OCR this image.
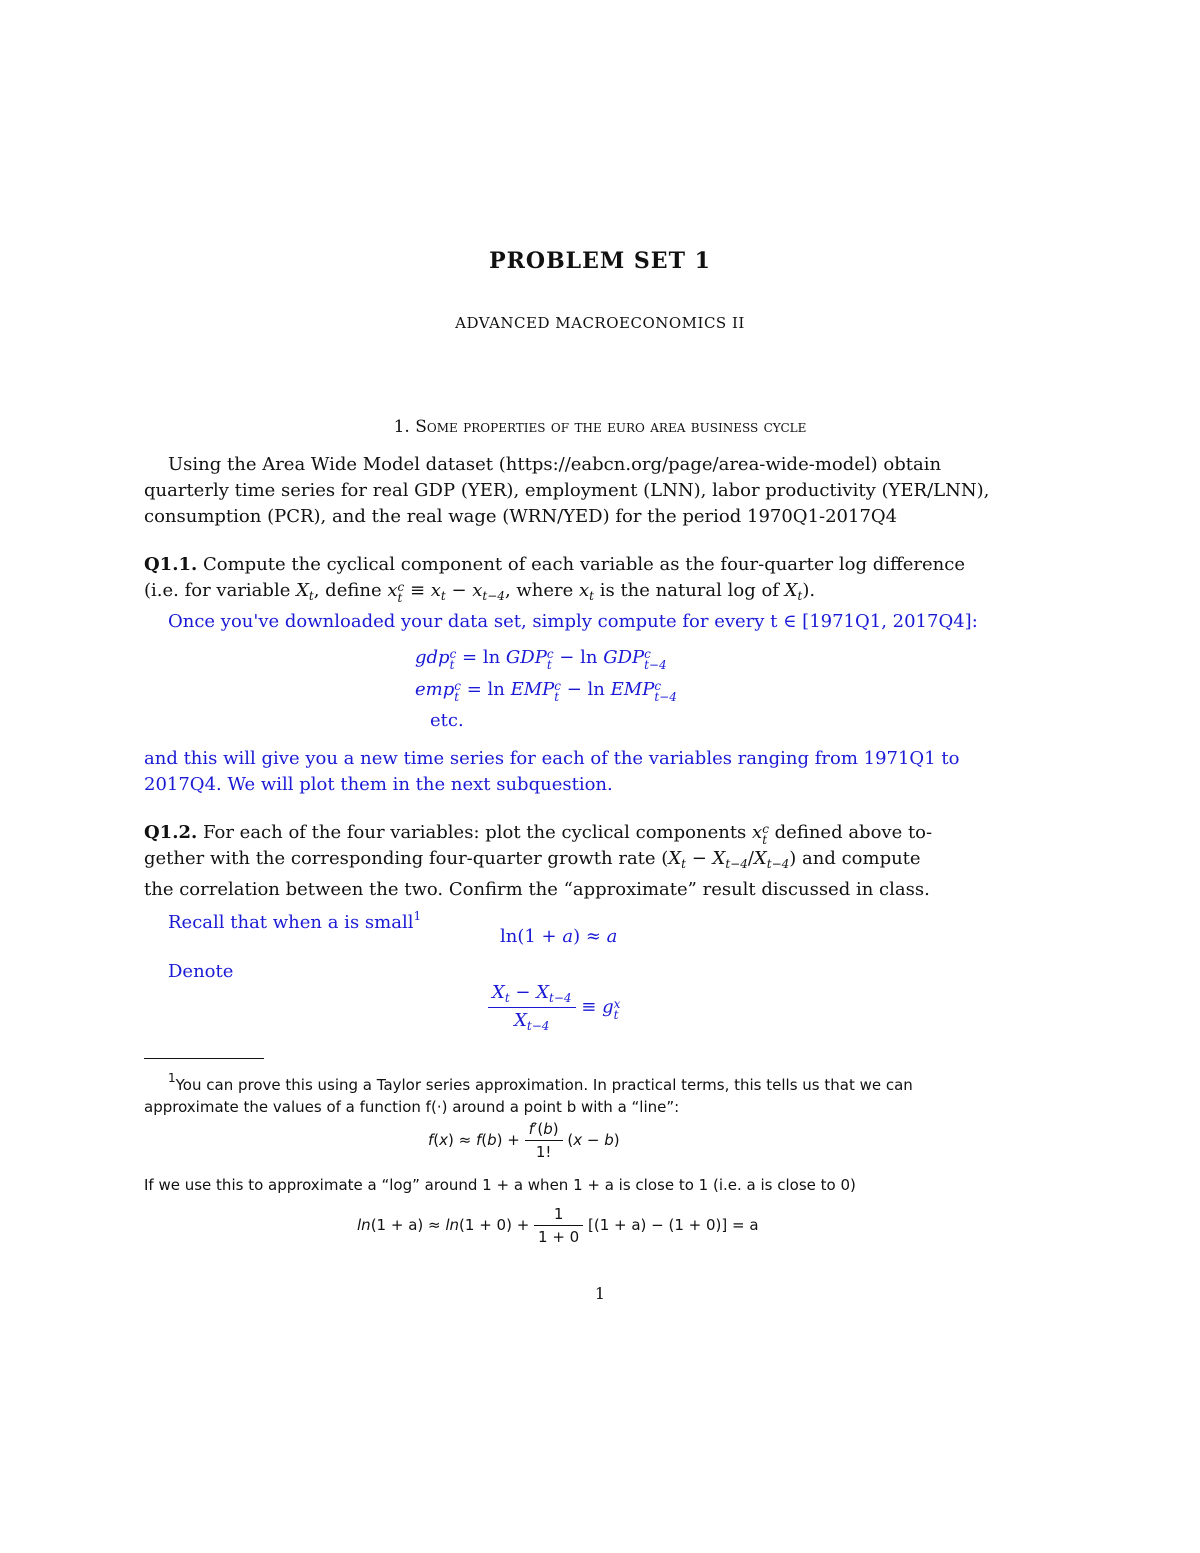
PROBLEM SET 1
ADVANCED MACROECONOMICS II
1. Some properties of the euro area business cycle
Using the Area Wide Model dataset (https://eabcn.org/page/area-wide-model) obtain
quarterly time series for real GDP (YER), employment (LNN), labor productivity (YER/LNN),
consumption (PCR), and the real wage (WRN/YED) for the period 1970Q1-2017Q4
Q1.1. Compute the cyclical component of each variable as the four-quarter log difference
(i.e. for variable $X_t$, define xc
$t \equiv x_t - x_{t-4}$, where $x_t$ is the natural log of $X_t$).
Once you've downloaded your data set, simply compute for every t ∈ [1971Q1, 2017Q4]:
gdpc
t = ln GDPc
t − ln GDPc
t−4
empc
t = ln EMPc
t − ln EMPc
t−4
etc.
and this will give you a new time series for each of the variables ranging from 1971Q1 to
2017Q4. We will plot them in the next subquestion.
Q1.2. For each of the four variables: plot the cyclical components xc
t defined above to-
gether with the corresponding four-quarter growth rate $(X_t - X_{t-4}/X_{t-4})$ and compute
the correlation between the two. Confirm the “approximate” result discussed in class.
Recall that when a is small$^1$
ln(1 + a) ≈ a
Denote
$\frac{X_t - X_{t-4}}{X_{t-4}}$ ≡ gx
t
$^1$You can prove this using a Taylor series approximation. In practical terms, this tells us that we can
approximate the values of a function f(·) around a point b with a “line”:
$f(x) \approx f(b) + \frac{f'(b)}{1!} (x - b)$
If we use this to approximate a “log” around 1 + a when 1 + a is close to 1 (i.e. a is close to 0)
$\ln(1 + a) \approx \ln(1 + 0) + \frac{1}{1 + 0} [(1 + a) - (1 + 0)] = a$
1
